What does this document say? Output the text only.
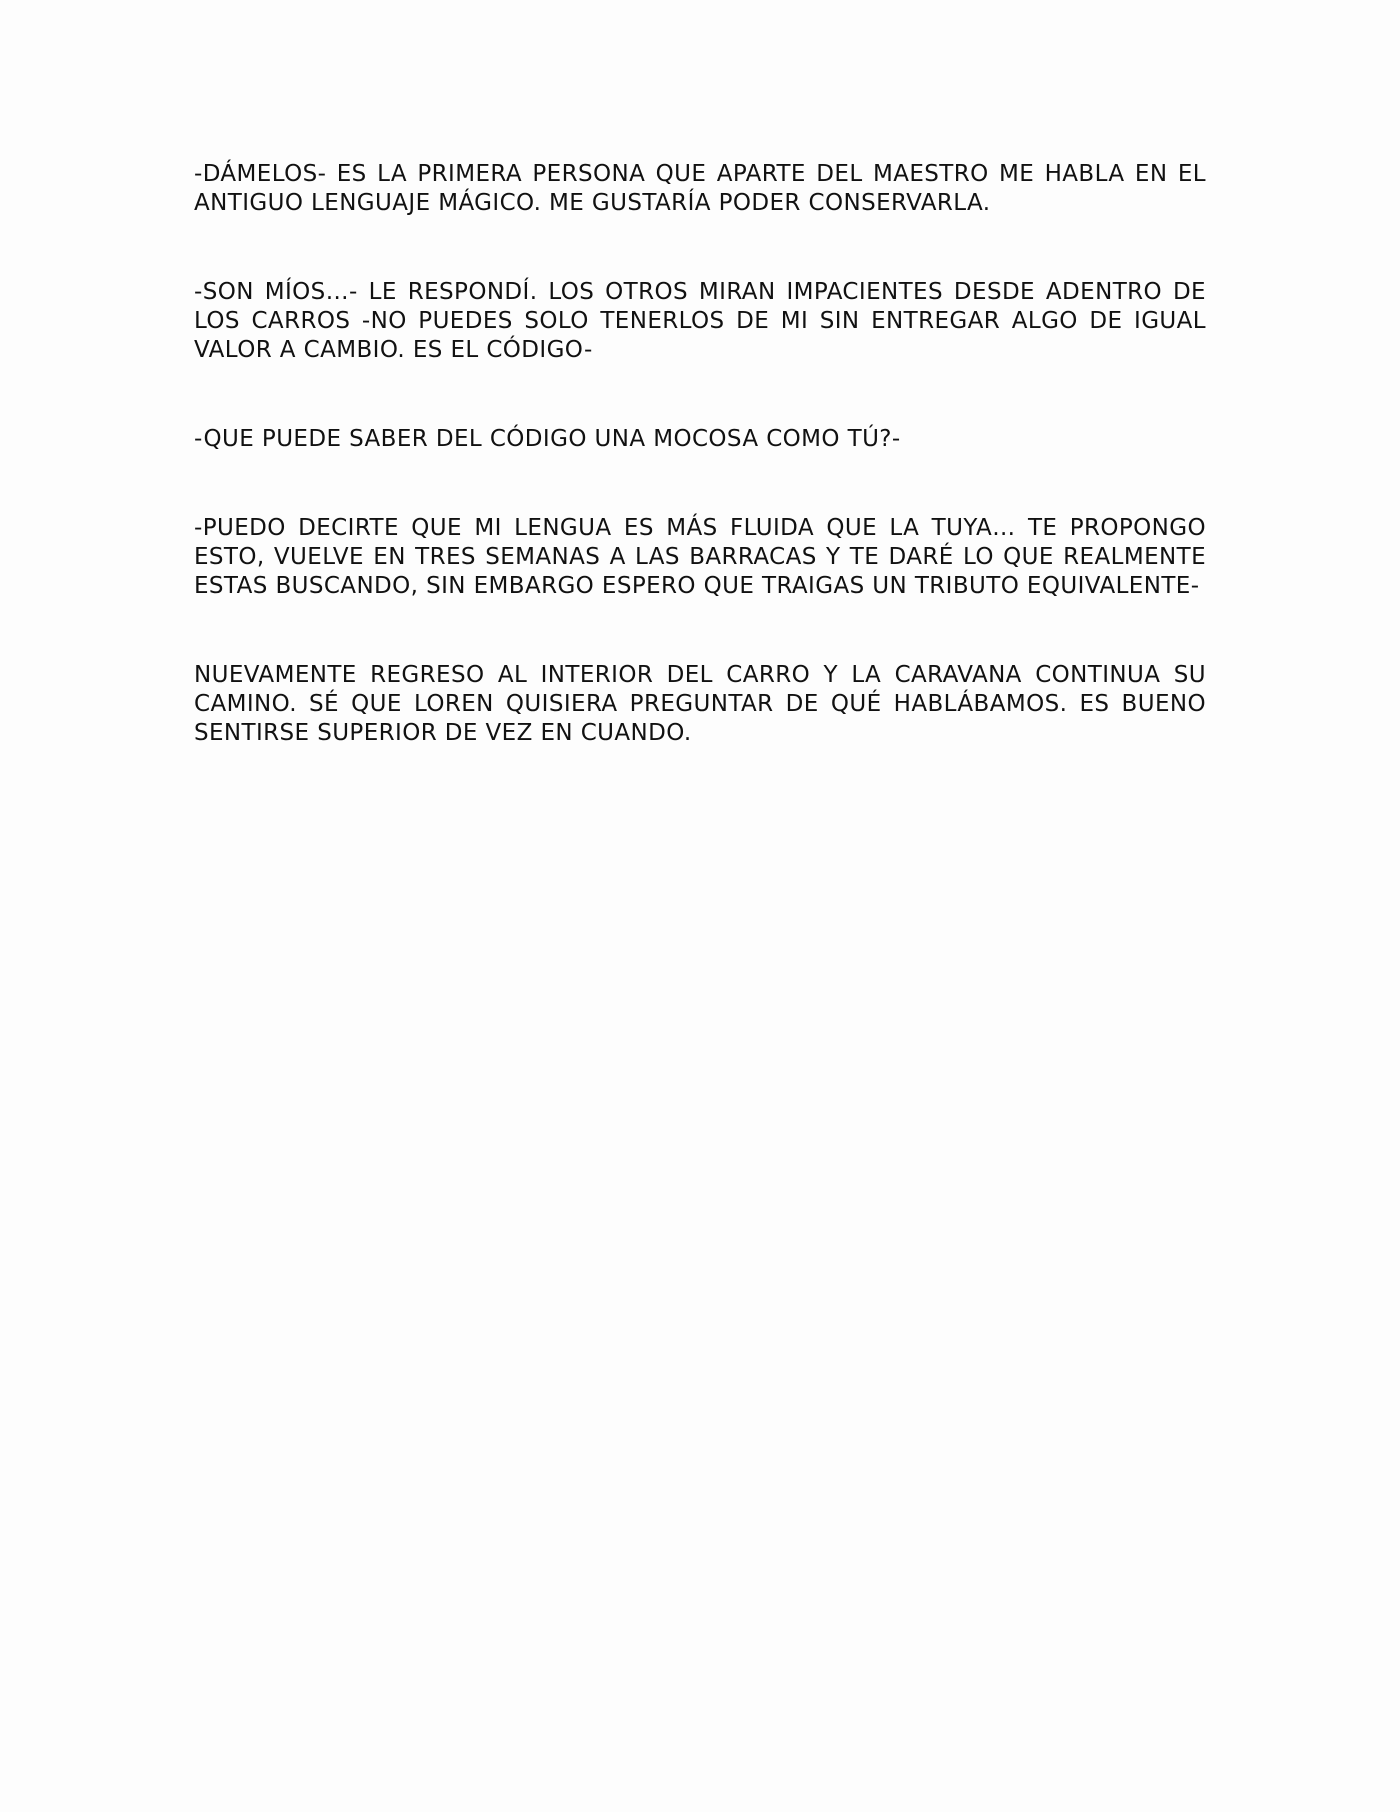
-DÁMELOS- ES LA PRIMERA PERSONA QUE APARTE DEL MAESTRO ME HABLA EN EL ANTIGUO LENGUAJE MÁGICO. ME GUSTARÍA PODER CONSERVARLA.

-SON MÍOS…- LE RESPONDÍ. LOS OTROS MIRAN IMPACIENTES DESDE ADENTRO DE LOS CARROS -NO PUEDES SOLO TENERLOS DE MI SIN ENTREGAR ALGO DE IGUAL VALOR A CAMBIO. ES EL CÓDIGO-

-QUE PUEDE SABER DEL CÓDIGO UNA MOCOSA COMO TÚ?-

-PUEDO DECIRTE QUE MI LENGUA ES MÁS FLUIDA QUE LA TUYA… TE PROPONGO ESTO, VUELVE EN TRES SEMANAS A LAS BARRACAS Y TE DARÉ LO QUE REALMENTE ESTAS BUSCANDO, SIN EMBARGO ESPERO QUE TRAIGAS UN TRIBUTO EQUIVALENTE-

NUEVAMENTE REGRESO AL INTERIOR DEL CARRO Y LA CARAVANA CONTINUA SU CAMINO. SÉ QUE LOREN QUISIERA PREGUNTAR DE QUÉ HABLÁBAMOS. ES BUENO SENTIRSE SUPERIOR DE VEZ EN CUANDO.
